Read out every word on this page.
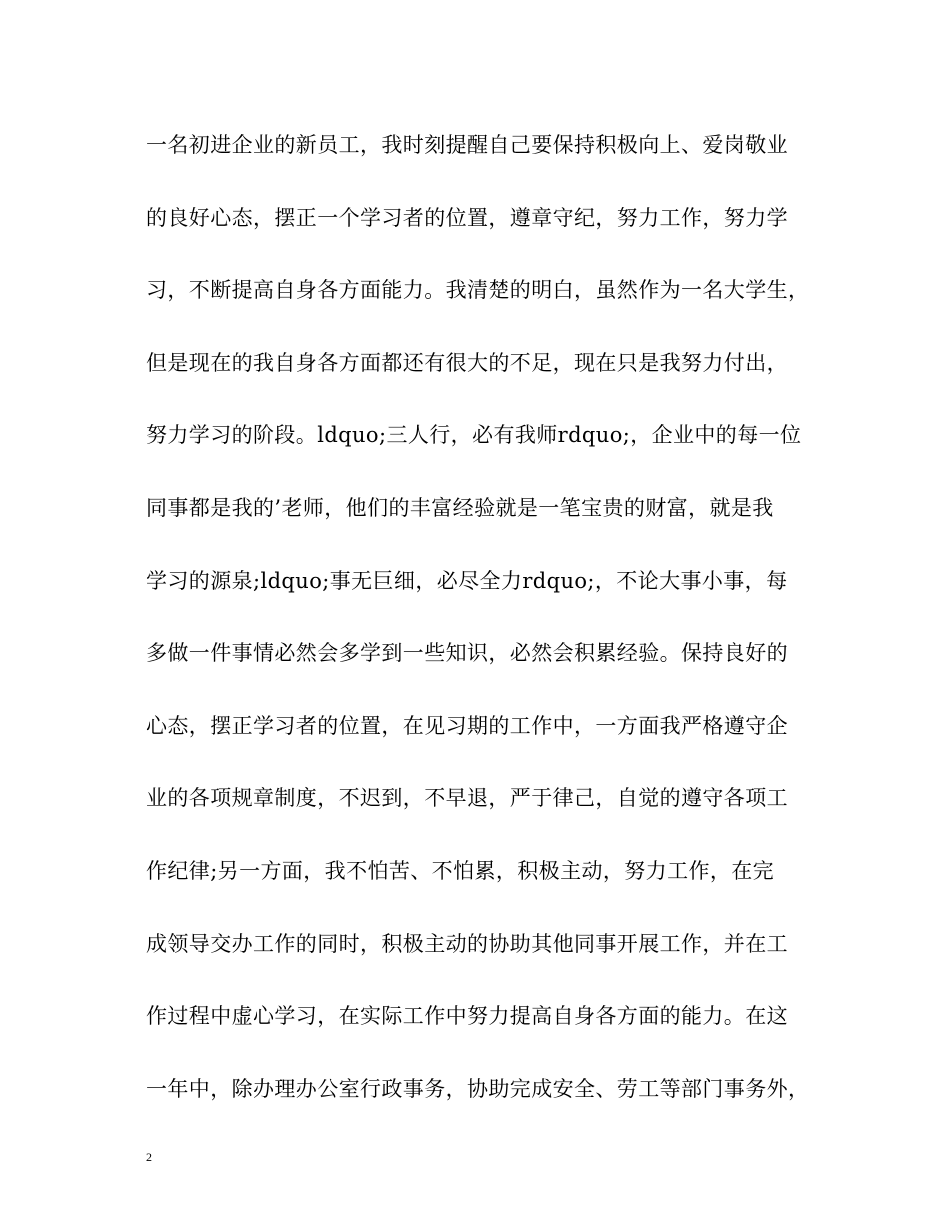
一名初进企业的新员工，我时刻提醒自己要保持积极向上、爱岗敬业
的良好心态，摆正一个学习者的位置，遵章守纪，努力工作，努力学
习，不断提高自身各方面能力。我清楚的明白，虽然作为一名大学生，
但是现在的我自身各方面都还有很大的不足，现在只是我努力付出，
努力学习的阶段。ldquo;三人行，必有我师rdquo;，企业中的每一位
同事都是我的’老师，他们的丰富经验就是一笔宝贵的财富，就是我
学习的源泉;ldquo;事无巨细，必尽全力rdquo;，不论大事小事，每
多做一件事情必然会多学到一些知识，必然会积累经验。保持良好的
心态，摆正学习者的位置，在见习期的工作中，一方面我严格遵守企
业的各项规章制度，不迟到，不早退，严于律己，自觉的遵守各项工
作纪律;另一方面，我不怕苦、不怕累，积极主动，努力工作，在完
成领导交办工作的同时，积极主动的协助其他同事开展工作，并在工
作过程中虚心学习，在实际工作中努力提高自身各方面的能力。在这
一年中，除办理办公室行政事务，协助完成安全、劳工等部门事务外，
2
